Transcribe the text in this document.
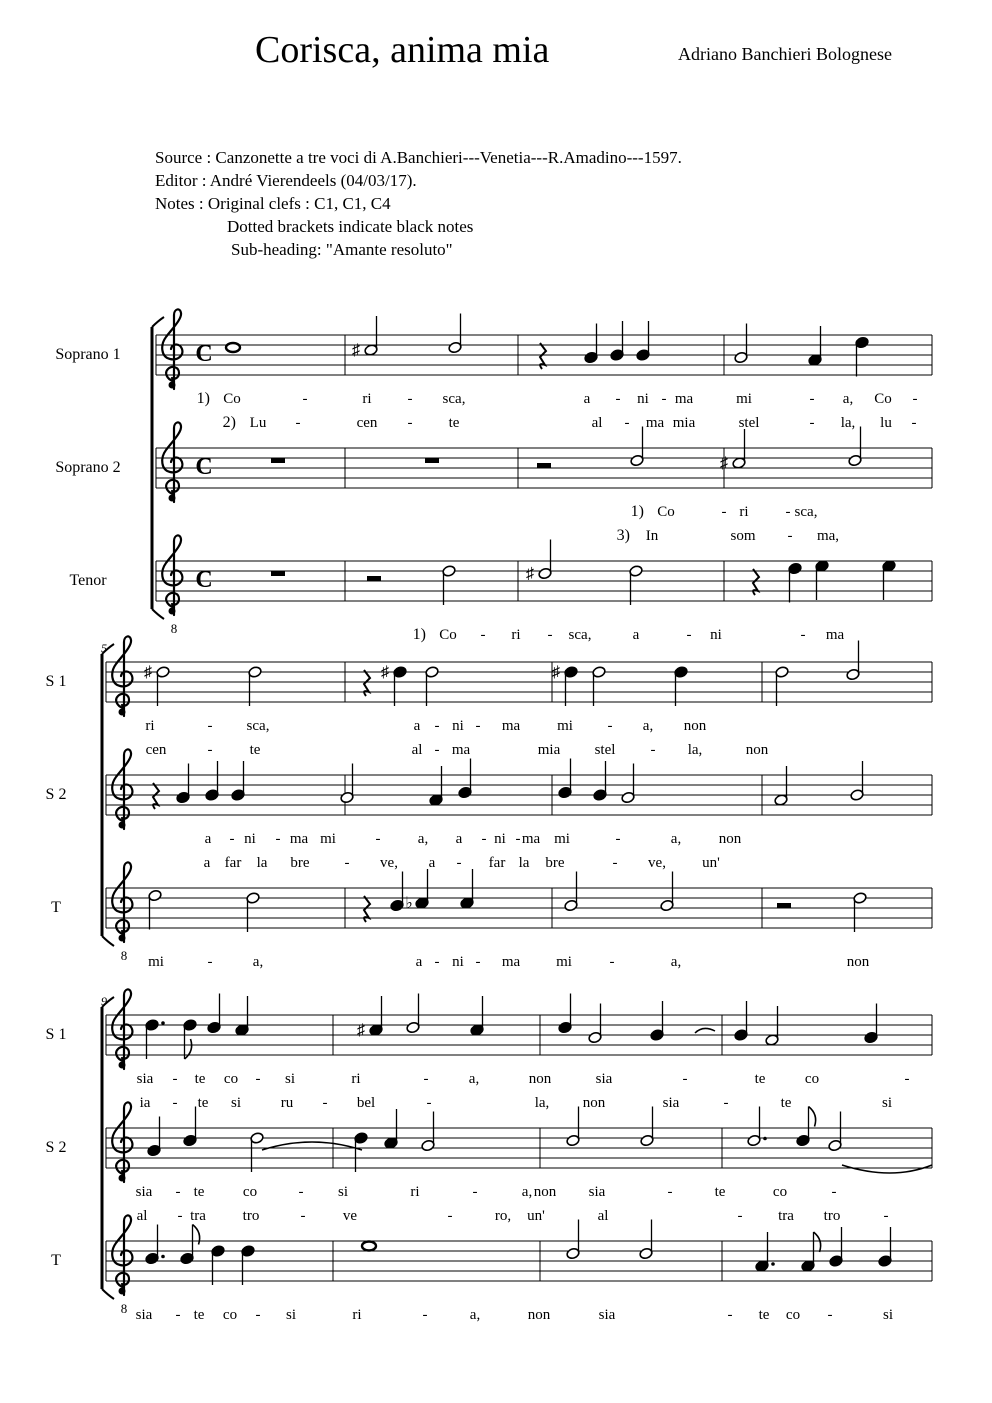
Corisca, anima mia	Adriano Banchieri Bolognese
Source : Canzonette a tre voci di A.Banchieri---Venetia---R.Amadino---1597.
Editor : André Vierendeels (04/03/17).
Notes : Original clefs : C1, C1, C4
Dotted brackets indicate black notes
Sub-heading: "Amante resoluto"
Soprano 1	C	♯
1) Co	-	ri - sca,	a - ni - ma	mi	- a, Co -
2) Lu -	cen - te	al - ma mia	stel	- la, lu -
Soprano 2	C	♯
1) Co	- ri - sca,
3) In	som - ma,
Tenor
8
C	♯
1) Co - ri - sca,	a	- ni	- ma
5
S 1
♯	♯	♯
ri	- sca,	a - ni - ma mi - a, non
cen	- te	al - ma	mia stel - la,	non
S 2
a - ni - ma mi	- a, a - ni - ma mi	-	a,	non
a far la bre - ve, a - far la bre	- ve, un'
T
8
♭
mi	-	a,	a - ni - ma mi	-	a,	non
9
S 1	♯
sia - te co - si	ri	-	a,	non	sia	-	te	co	-
ia - te si	ru - bel	-	la, non	sia	-	te	si
S 2
sia - te	co	- si	ri	-	a, non sia	-	te	co	-
al - tra tro	- ve	-	ro, un'	al	- tra tro	-
T
8 sia - te co - si	ri	-	a,	non	sia	- te co -	si
